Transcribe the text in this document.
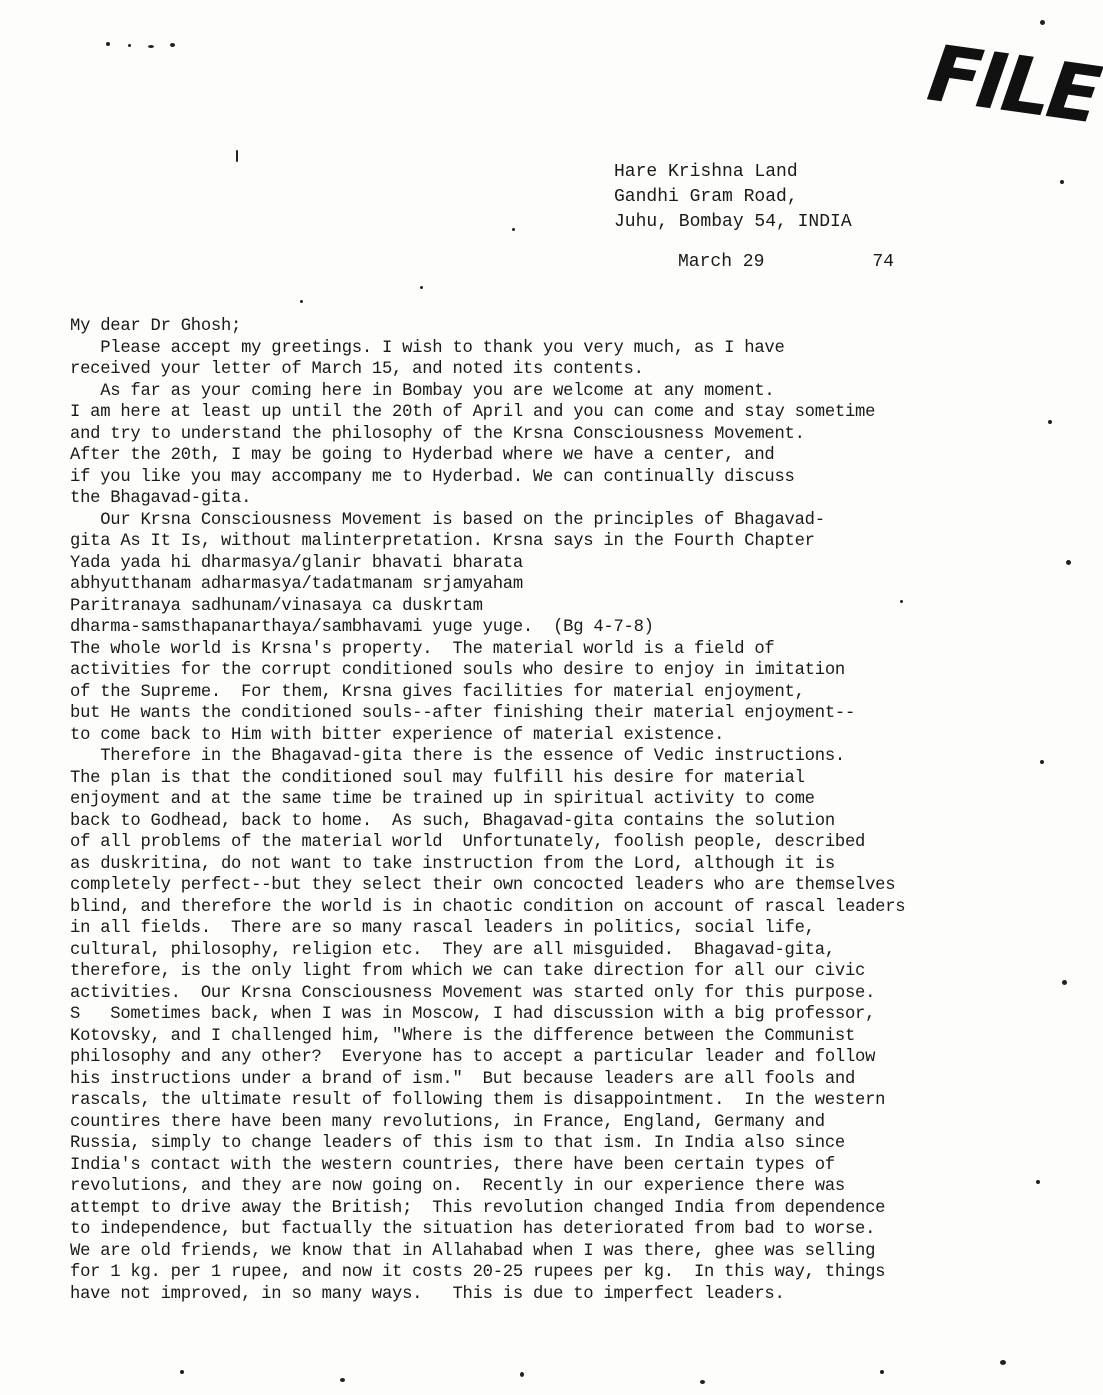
FILE
Hare Krishna Land
Gandhi Gram Road,
Juhu, Bombay 54, INDIA
March 29          74
My dear Dr Ghosh;
Please accept my greetings. I wish to thank you very much, as I have
received your letter of March 15, and noted its contents.
As far as your coming here in Bombay you are welcome at any moment.
I am here at least up until the 20th of April and you can come and stay sometime
and try to understand the philosophy of the Krsna Consciousness Movement.
After the 20th, I may be going to Hyderbad where we have a center, and
if you like you may accompany me to Hyderbad. We can continually discuss
the Bhagavad-gita.
Our Krsna Consciousness Movement is based on the principles of Bhagavad-
gita As It Is, without malinterpretation. Krsna says in the Fourth Chapter
Yada yada hi dharmasya/glanir bhavati bharata
abhyutthanam adharmasya/tadatmanam srjamyaham
Paritranaya sadhunam/vinasaya ca duskrtam
dharma-samsthapanarthaya/sambhavami yuge yuge.  (Bg 4-7-8)
The whole world is Krsna's property.  The material world is a field of
activities for the corrupt conditioned souls who desire to enjoy in imitation
of the Supreme.  For them, Krsna gives facilities for material enjoyment,
but He wants the conditioned souls--after finishing their material enjoyment--
to come back to Him with bitter experience of material existence.
Therefore in the Bhagavad-gita there is the essence of Vedic instructions.
The plan is that the conditioned soul may fulfill his desire for material
enjoyment and at the same time be trained up in spiritual activity to come
back to Godhead, back to home.  As such, Bhagavad-gita contains the solution
of all problems of the material world  Unfortunately, foolish people, described
as duskritina, do not want to take instruction from the Lord, although it is
completely perfect--but they select their own concocted leaders who are themselves
blind, and therefore the world is in chaotic condition on account of rascal leaders
in all fields.  There are so many rascal leaders in politics, social life,
cultural, philosophy, religion etc.  They are all misguided.  Bhagavad-gita,
therefore, is the only light from which we can take direction for all our civic
activities.  Our Krsna Consciousness Movement was started only for this purpose.
S   Sometimes back, when I was in Moscow, I had discussion with a big professor,
Kotovsky, and I challenged him, "Where is the difference between the Communist
philosophy and any other?  Everyone has to accept a particular leader and follow
his instructions under a brand of ism."  But because leaders are all fools and
rascals, the ultimate result of following them is disappointment.  In the western
countires there have been many revolutions, in France, England, Germany and
Russia, simply to change leaders of this ism to that ism. In India also since
India's contact with the western countries, there have been certain types of
revolutions, and they are now going on.  Recently in our experience there was
attempt to drive away the British;  This revolution changed India from dependence
to independence, but factually the situation has deteriorated from bad to worse.
We are old friends, we know that in Allahabad when I was there, ghee was selling
for 1 kg. per 1 rupee, and now it costs 20-25 rupees per kg.  In this way, things
have not improved, in so many ways.   This is due to imperfect leaders.
